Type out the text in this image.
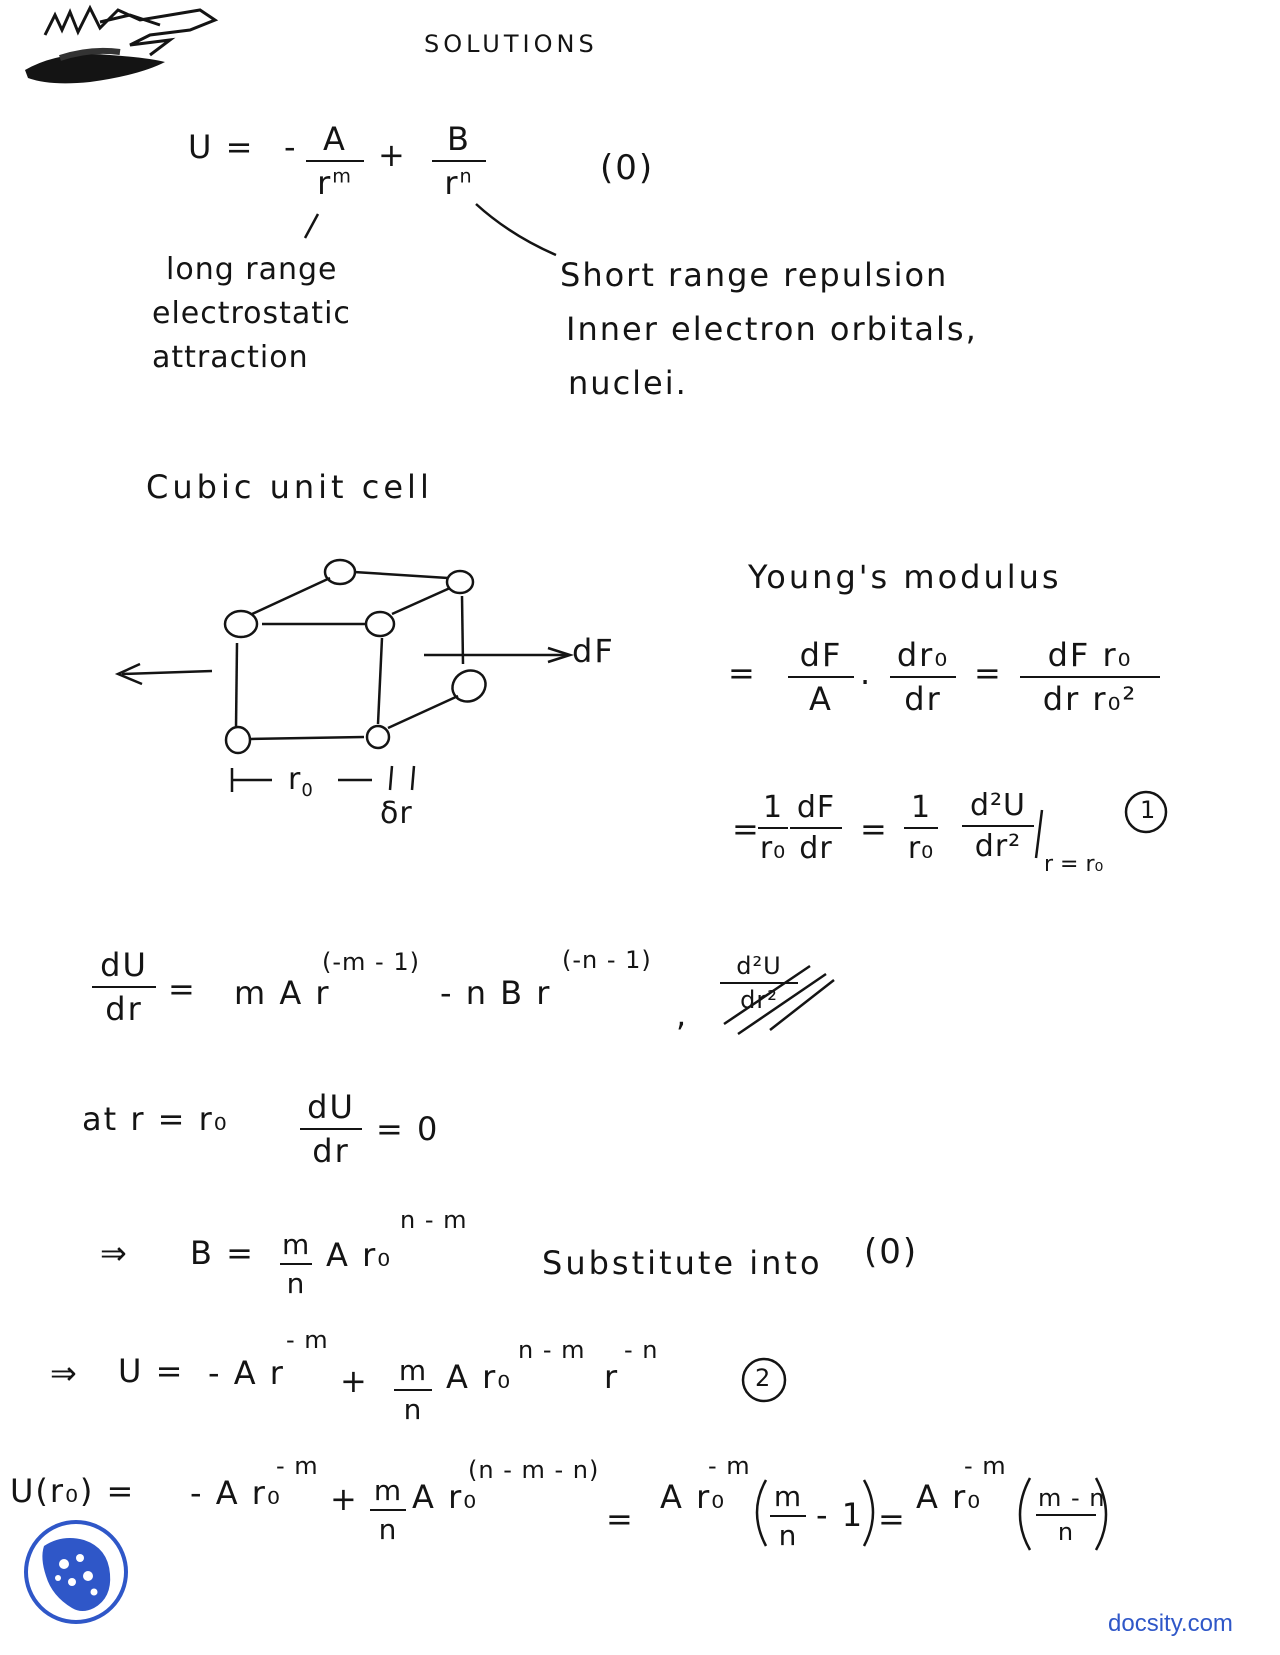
SOLUTIONS
U = - $\frac{A}{r^m} + \frac{B}{r^n}$	(0)
long range
electrostatic
attraction
Short range repulsion
Inner electron orbitals,
nuclei.
Cubic unit cell
dF
$r_0$
δr
Young's modulus
= $\frac{dF}{A}$ . $\frac{\text{dr₀}}{dr} = \frac{\text{dF r₀}}{\text{dr r₀²}}$
=
$\frac{1}{\text{r₀}} \frac{dF}{dr} = \frac{1}{\text{r₀}} \frac{\text{d²U}}{\text{dr²}}$
r = r₀
1
$\frac{dU}{dr} = m$ A r
(-m - 1)
- n B r
(-n - 1)
,
$\frac{\text{d²U}}{\text{dr²}}$
at $r = r_0 \frac{dU}{dr} = 0$
⇒ $B = \frac{m}{n}$ A r₀
n - m
Substitute into (0)
⇒ U = - A r
- m
+ $\frac{m}{n}$ A r₀
n - m
r
- n
2
U(r₀) = - A r₀
- m
+ $\frac{m}{n}$ A r₀
(n - m - n)
=
A r₀
- m
$\frac{m}{n} - 1$ =
A r₀
- m
$\frac{m - n}{n}$
docsity.com
